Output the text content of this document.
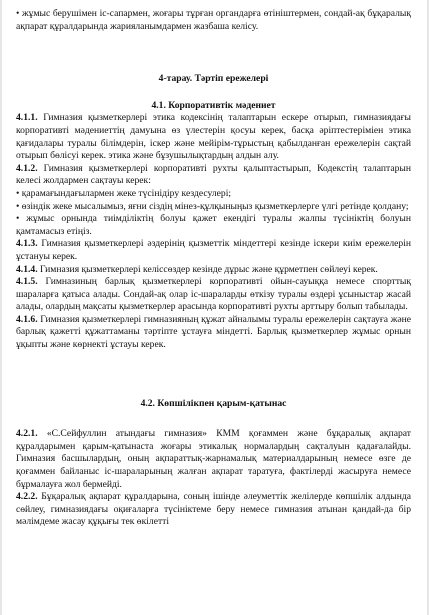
• жұмыс берушімен іс-сапармен, жоғары тұрған органдарға өтініштермен, сондай-ақ бұқаралық ақпарат құралдарында жарияланымдармен жазбаша келісу.

4-тарау. Тәртіп ережелері

4.1. Корпоративтік мәдениет

4.1.1. Гимназия қызметкерлері этика кодексінің талаптарын ескере отырып, гимназиядағы корпоративті мәдениеттің дамуына өз үлестерін қосуы керек, басқа әріптестеріміен этика қағидалары туралы білімдерін, іскер және мейірім-тұрыстың қабылданған ережелерін сақтай отырып бөлісуі керек. этика және бұзушылықтардың алдын алу.

4.1.2. Гимназия қызметкерлері корпоративті рухты қалыптастырып, Кодекстің талаптарын келесі жолдармен сақтауы керек:

• қарамағындағылармен жеке түсінідіру кездесулері;

• өзіндік жеке мысалымыз, яғни сіздің мінез-құлқыныңыз қызметкерлерге үлгі ретінде қолдану;

• жұмыс орнында тиімділіктің болуы қажет екендігі туралы жалпы түсініктің болуын қамтамасыз етіңіз.

4.1.3. Гимназия қызметкерлері әздерінің қызметтік міндеттері кезінде іскери киім ережелерін ұстануы керек.

4.1.4. Гимназия қызметкерлері келіссөздер кезінде дұрыс және құрметпен сөйлеуі керек.

4.1.5. Гимназиның барлық қызметкерлері корпоративті ойын-сауыққа немесе спорттық шараларға қатыса алады. Сондай-ақ олар іс-шараларды өткізу туралы өздері ұсыныстар жасай алады, олардың мақсаты қызметкерлер арасында корпоративті рухты арттыру болып табылады.

4.1.6. Гимназия қызметкерлері гимназияның құжат айналымы туралы ережелерін сақтауға және барлық қажетті құжаттаманы тәртіпте ұстауға міндетті. Барлық қызметкерлер жұмыс орнын ұқыпты және көрнекті ұстауы керек.

4.2. Көпшілікпен қарым-қатынас

4.2.1. «С.Сейфуллин атындағы гимназия» КММ қоғаммен және бұқаралық ақпарат құралдарымен қарым-қатынаста жоғары этикалық нормалардың сақталуын қадағалайды. Гимназия басшылардың, оның ақпараттық-жарнамалық материалдарының немесе өзге де қоғаммен байланыс іс-шараларының жалған ақпарат таратуға, фактілерді жасыруға немесе бұрмалауға жол бермейді.

4.2.2. Бұқаралық ақпарат құралдарына, соның ішінде әлеуметтік желілерде көпшілік алдында сөйлеу, гимназиядағы оқиғаларға түсініктеме беру немесе гимназия атынан қандай-да бір мәлімдеме жасау құқығы тек өкілетті
